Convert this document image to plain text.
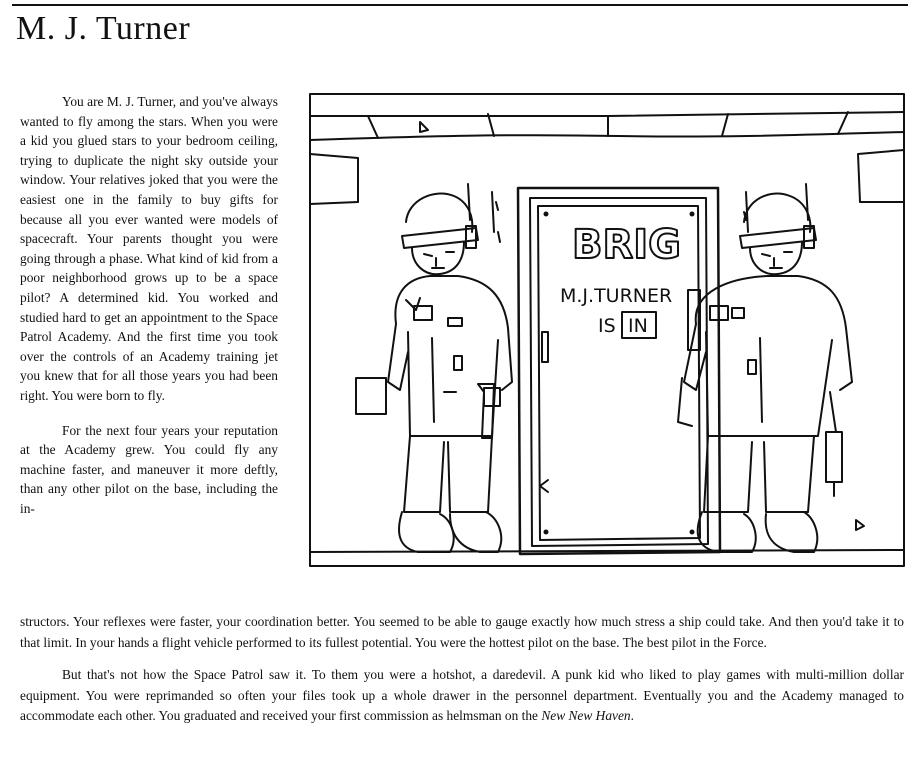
M. J. Turner

You are M. J. Turner, and you've always wanted to fly among the stars. When you were a kid you glued stars to your bedroom ceiling, trying to duplicate the night sky outside your window. Your relatives joked that you were the easiest one in the family to buy gifts for because all you ever wanted were models of spacecraft. Your parents thought you were going through a phase. What kind of kid from a poor neighborhood grows up to be a space pilot? A determined kid. You worked and studied hard to get an appointment to the Space Patrol Academy. And the first time you took over the controls of an Academy training jet you knew that for all those years you had been right. You were born to fly.

For the next four years your reputation at the Academy grew. You could fly any machine faster, and maneuver it more deftly, than any other pilot on the base, including the in-

BRIG
M.J.TURNER
IS IN

structors. Your reflexes were faster, your coordination better. You seemed to be able to gauge exactly how much stress a ship could take. And then you'd take it to that limit. In your hands a flight vehicle performed to its fullest potential. You were the hottest pilot on the base. The best pilot in the Force.

But that's not how the Space Patrol saw it. To them you were a hotshot, a daredevil. A punk kid who liked to play games with multi-million dollar equipment. You were reprimanded so often your files took up a whole drawer in the personnel department. Eventually you and the Academy managed to accommodate each other. You graduated and received your first commission as helmsman on the New New Haven.
